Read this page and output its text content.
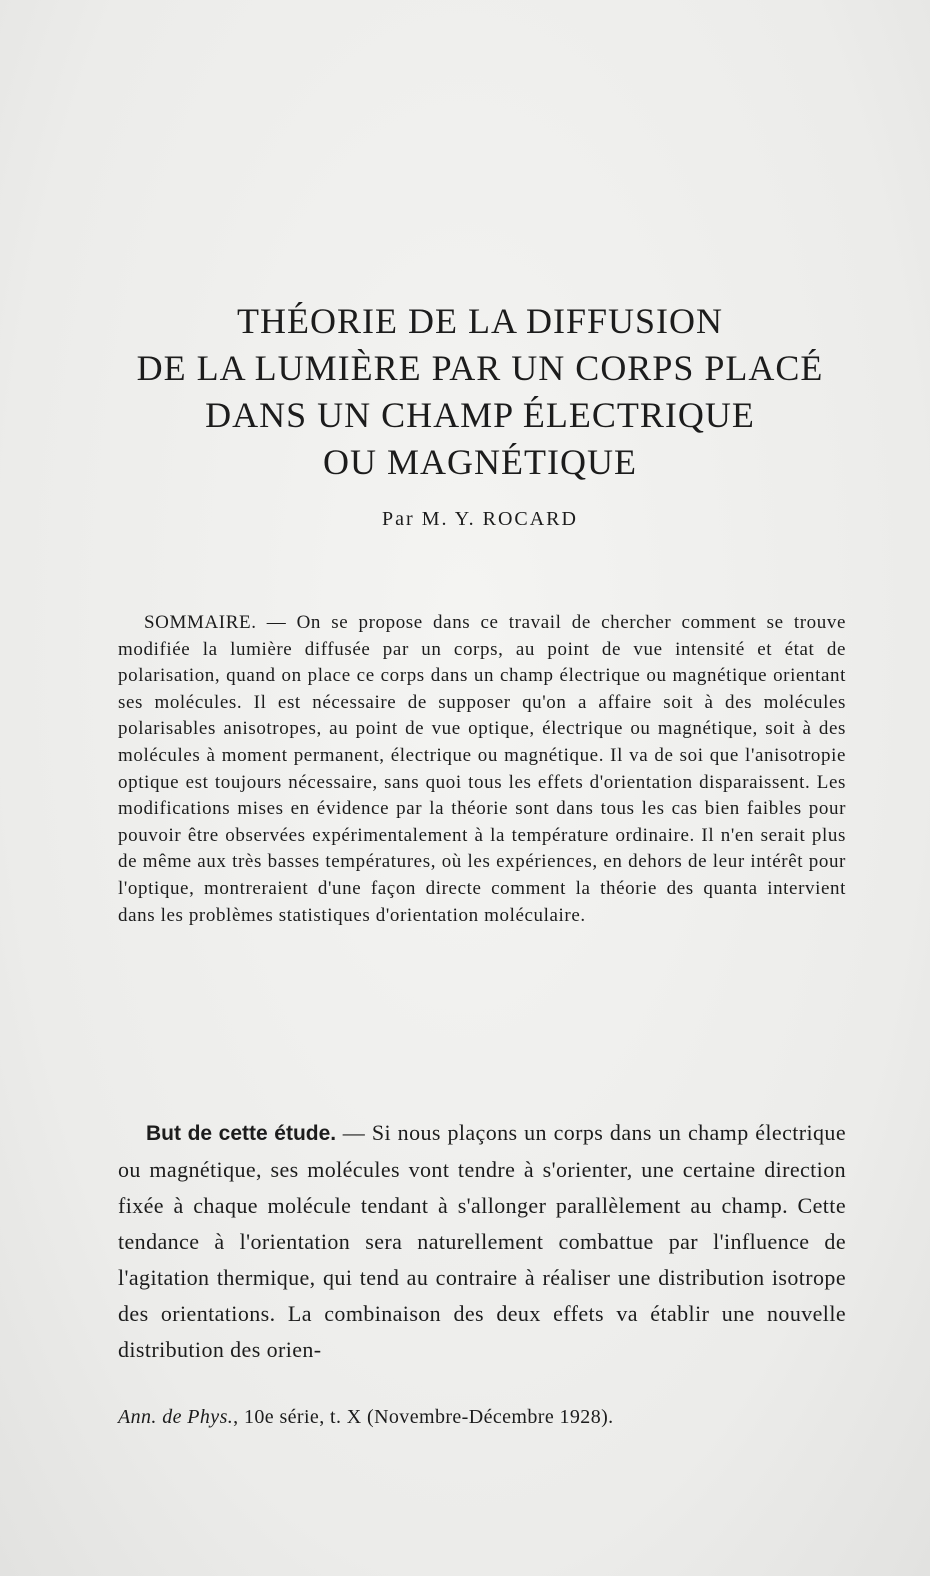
THÉORIE DE LA DIFFUSION
DE LA LUMIÈRE PAR UN CORPS PLACÉ
DANS UN CHAMP ÉLECTRIQUE
OU MAGNÉTIQUE
Par M. Y. ROCARD

SOMMAIRE. — On se propose dans ce travail de chercher comment se trouve modifiée la lumière diffusée par un corps, au point de vue intensité et état de polarisation, quand on place ce corps dans un champ électrique ou magnétique orientant ses molécules. Il est nécessaire de supposer qu'on a affaire soit à des molécules polarisables anisotropes, au point de vue optique, électrique ou magnétique, soit à des molécules à moment permanent, électrique ou magnétique. Il va de soi que l'anisotropie optique est toujours nécessaire, sans quoi tous les effets d'orientation disparaissent. Les modifications mises en évidence par la théorie sont dans tous les cas bien faibles pour pouvoir être observées expérimentalement à la température ordinaire. Il n'en serait plus de même aux très basses températures, où les expériences, en dehors de leur intérêt pour l'optique, montreraient d'une façon directe comment la théorie des quanta intervient dans les problèmes statistiques d'orientation moléculaire.

But de cette étude. — Si nous plaçons un corps dans un champ électrique ou magnétique, ses molécules vont tendre à s'orienter, une certaine direction fixée à chaque molécule tendant à s'allonger parallèlement au champ. Cette tendance à l'orientation sera naturellement combattue par l'influence de l'agitation thermique, qui tend au contraire à réaliser une distribution isotrope des orientations. La combinaison des deux effets va établir une nouvelle distribution des orien-

Ann. de Phys., 10e série, t. X (Novembre-Décembre 1928).
